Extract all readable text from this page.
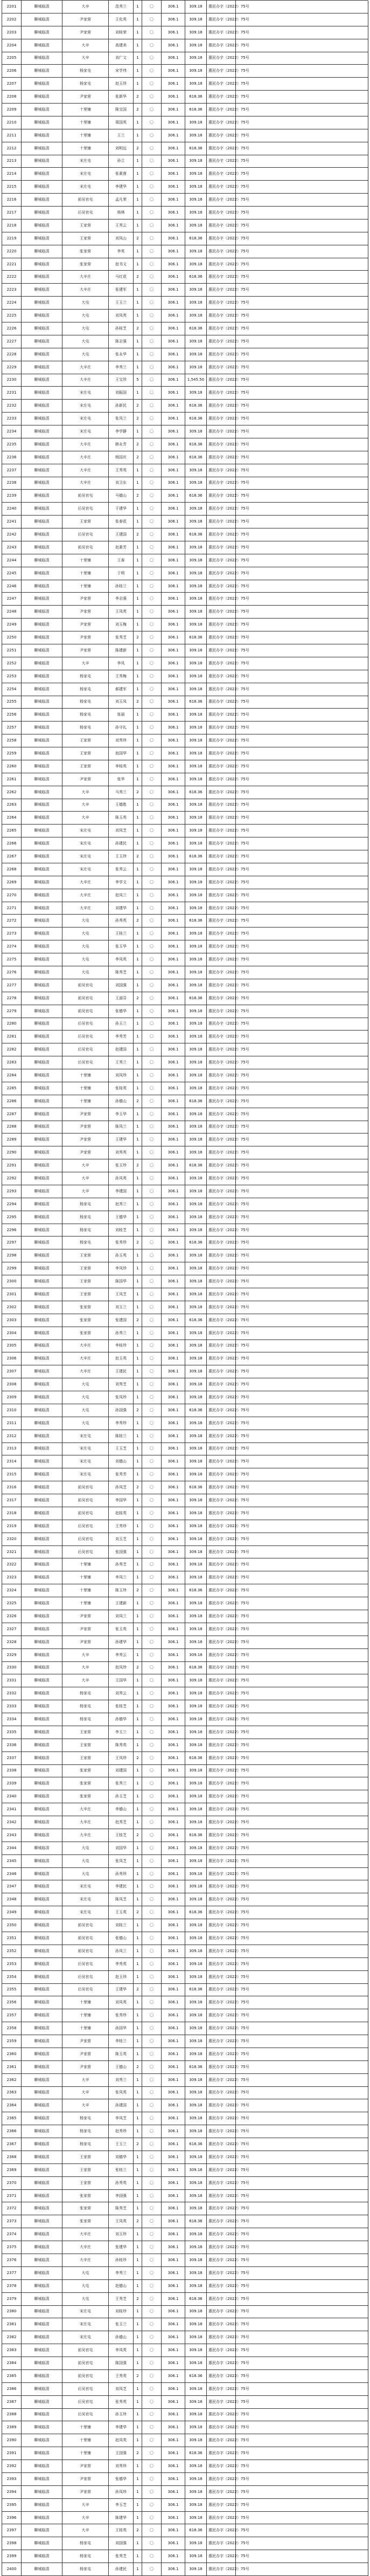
2201	聊城临清	大辛	范秀兰	1	〇	306.1	309.18	惠民办字（2022）75号
2202	聊城临清	尹家营	王化英	1	〇	306.1	309.18	惠民办字（2022）75号
2203	聊城临清	尹家营	刘桂荣	1	〇	306.1	309.18	惠民办字（2022）75号
2204	聊城临清	大辛	高建美	1	〇	306.1	309.18	惠民办字（2022）75号
2205	聊城临清	大辛	刘广文	1	〇	306.1	309.18	惠民办字（2022）75号
2206	聊城临清	杨家屯	宋学伟	1	〇	306.1	309.18	惠民办字（2022）75号
2207	聊城临清	杨家屯	赵玉珍	1	〇	306.1	309.18	惠民办字（2022）75号
2208	聊城临清	尹家营	张新华	2	〇	306.1	618.36	惠民办字（2022）75号
2209	聊城临清	十里铺	陈宝国	2	〇	306.1	618.36	惠民办字（2022）75号
2210	聊城临清	十里铺	周国英	1	〇	306.1	309.18	惠民办字（2022）75号
2211	聊城临清	十里铺	王兰	1	〇	306.1	309.18	惠民办字（2022）75号
2212	聊城临清	十里铺	刘明远	2	〇	306.1	618.36	惠民办字（2022）75号
2213	聊城临清	宋庄屯	孙立	1	〇	306.1	309.18	惠民办字（2022）75号
2214	聊城临清	宋庄屯	张素莲	1	〇	306.1	309.18	惠民办字（2022）75号
2215	聊城临清	宋庄屯	李建华	1	〇	306.1	309.18	惠民办字（2022）75号
2216	聊城临清	前吴官屯	孟凡荣	1	〇	306.1	309.18	惠民办字（2022）75号
2217	聊城临清	后吴官屯	杨林	1	〇	306.1	309.18	惠民办字（2022）75号
2218	聊城临清	王家营	王秀云	1	〇	306.1	309.18	惠民办字（2022）75号
2219	聊城临清	王家营	刘凤山	2	〇	306.1	618.36	惠民办字（2022）75号
2220	聊城临清	张家营	李英	1	〇	306.1	309.18	惠民办字（2022）75号
2221	聊城临清	张家营	赵书文	1	〇	306.1	309.18	惠民办字（2022）75号
2222	聊城临清	大辛庄	马红花	2	〇	306.1	618.36	惠民办字（2022）75号
2223	聊城临清	大辛庄	张建军	1	〇	306.1	309.18	惠民办字（2022）75号
2224	聊城临清	大屯	王玉兰	1	〇	306.1	309.18	惠民办字（2022）75号
2225	聊城临清	大屯	刘凤英	1	〇	306.1	309.18	惠民办字（2022）75号
2226	聊城临清	大屯	孙桂芝	2	〇	306.1	618.36	惠民办字（2022）75号
2227	聊城临清	大屯	陈志强	1	〇	306.1	309.18	惠民办字（2022）75号
2228	聊城临清	大屯	张永华	1	〇	306.1	309.18	惠民办字（2022）75号
2229	聊城临清	大辛庄	李秀兰	1	〇	306.1	309.18	惠民办字（2022）75号
2230	聊城临清	大辛庄	王宝珍	5	〇	306.1	1,545.50	惠民办字（2022）75号
2231	聊城临清	宋庄屯	刘振国	1	〇	306.1	309.18	惠民办字（2022）75号
2232	聊城临清	宋庄屯	孙新民	2	〇	306.1	618.36	惠民办字（2022）75号
2233	聊城临清	宋庄屯	张凤兰	2	〇	306.1	618.36	惠民办字（2022）75号
2234	聊城临清	宋庄屯	李学静	1	〇	306.1	309.18	惠民办字（2022）75号
2235	聊城临清	大辛庄	韩永芳	2	〇	306.1	618.36	惠民办字（2022）75号
2236	聊城临清	大辛庄	杨国庆	2	〇	306.1	618.36	惠民办字（2022）75号
2237	聊城临清	大辛庄	王秀英	1	〇	306.1	309.18	惠民办字（2022）75号
2238	聊城临清	大辛庄	刘卫东	1	〇	306.1	309.18	惠民办字（2022）75号
2239	聊城临清	前吴官屯	马德山	2	〇	306.1	618.36	惠民办字（2022）75号
2240	聊城临清	后吴官屯	于建华	1	〇	306.1	309.18	惠民办字（2022）75号
2241	聊城临清	王家营	张春花	1	〇	306.1	309.18	惠民办字（2022）75号
2242	聊城临清	后吴官屯	王建国	2	〇	306.1	618.36	惠民办字（2022）75号
2243	聊城临清	前吴官屯	赵素芳	1	〇	306.1	309.18	惠民办字（2022）75号
2244	聊城临清	十里铺	王春	1	〇	306.1	309.18	惠民办字（2022）75号
2245	聊城临清	十里铺	于明	1	〇	306.1	309.18	惠民办字（2022）75号
2246	聊城临清	十里铺	孙桂兰	1	〇	306.1	309.18	惠民办字（2022）75号
2247	聊城临清	尹家营	李志强	1	〇	306.1	309.18	惠民办字（2022）75号
2248	聊城临清	尹家营	王凤英	1	〇	306.1	309.18	惠民办字（2022）75号
2249	聊城临清	尹家营	刘玉梅	1	〇	306.1	309.18	惠民办字（2022）75号
2250	聊城临清	尹家营	张秀芝	2	〇	306.1	618.36	惠民办字（2022）75号
2251	聊城临清	尹家营	陈建新	1	〇	306.1	309.18	惠民办字（2022）75号
2252	聊城临清	大辛	李凤	1	〇	306.1	309.18	惠民办字（2022）75号
2253	聊城临清	杨家屯	王秀梅	1	〇	306.1	309.18	惠民办字（2022）75号
2254	聊城临清	杨家屯	郝建军	1	〇	306.1	309.18	惠民办字（2022）75号
2255	聊城临清	杨家屯	刘玉凤	2	〇	306.1	618.36	惠民办字（2022）75号
2256	聊城临清	杨家屯	张丽	1	〇	306.1	309.18	惠民办字（2022）75号
2257	聊城临清	杨家屯	孙守礼	1	〇	306.1	309.18	惠民办字（2022）75号
2258	聊城临清	王家营	刘秀珍	1	〇	306.1	309.18	惠民办字（2022）75号
2259	聊城临清	王家营	赵国华	1	〇	306.1	309.18	惠民办字（2022）75号
2260	聊城临清	王家营	李桂英	1	〇	306.1	309.18	惠民办字（2022）75号
2261	聊城临清	尹家营	张华	1	〇	306.1	309.18	惠民办字（2022）75号
2262	聊城临清	大辛	马秀兰	2	〇	306.1	618.36	惠民办字（2022）75号
2263	聊城临清	大辛	王德胜	1	〇	306.1	309.18	惠民办字（2022）75号
2264	聊城临清	大辛	陈玉英	1	〇	306.1	309.18	惠民办字（2022）75号
2265	聊城临清	宋庄屯	刘凤芝	1	〇	306.1	309.18	惠民办字（2022）75号
2266	聊城临清	宋庄屯	孙建民	1	〇	306.1	309.18	惠民办字（2022）75号
2267	聊城临清	宋庄屯	王玉珍	2	〇	306.1	618.36	惠民办字（2022）75号
2268	聊城临清	宋庄屯	张秀云	1	〇	306.1	309.18	惠民办字（2022）75号
2269	聊城临清	大辛庄	李学文	1	〇	306.1	309.18	惠民办字（2022）75号
2270	聊城临清	大辛庄	赵凤兰	1	〇	306.1	309.18	惠民办字（2022）75号
2271	聊城临清	大辛庄	刘建华	1	〇	306.1	309.18	惠民办字（2022）75号
2272	聊城临清	大屯	孙秀英	2	〇	306.1	618.36	惠民办字（2022）75号
2273	聊城临清	大屯	王桂兰	1	〇	306.1	309.18	惠民办字（2022）75号
2274	聊城临清	大屯	张玉华	1	〇	306.1	309.18	惠民办字（2022）75号
2275	聊城临清	大屯	李凤英	1	〇	306.1	309.18	惠民办字（2022）75号
2276	聊城临清	大屯	陈秀芝	1	〇	306.1	309.18	惠民办字（2022）75号
2277	聊城临清	前吴官屯	刘国强	1	〇	306.1	309.18	惠民办字（2022）75号
2278	聊城临清	前吴官屯	王淑芬	2	〇	306.1	618.36	惠民办字（2022）75号
2279	聊城临清	前吴官屯	张德华	1	〇	306.1	309.18	惠民办字（2022）75号
2280	聊城临清	后吴官屯	孙玉兰	1	〇	306.1	309.18	惠民办字（2022）75号
2281	聊城临清	后吴官屯	李秀芳	1	〇	306.1	309.18	惠民办字（2022）75号
2282	聊城临清	后吴官屯	赵建国	1	〇	306.1	309.18	惠民办字（2022）75号
2283	聊城临清	后吴官屯	王秀兰	1	〇	306.1	309.18	惠民办字（2022）75号
2284	聊城临清	十里铺	刘凤珍	1	〇	306.1	309.18	惠民办字（2022）75号
2285	聊城临清	十里铺	张桂英	1	〇	306.1	309.18	惠民办字（2022）75号
2286	聊城临清	十里铺	孙德山	2	〇	306.1	618.36	惠民办字（2022）75号
2287	聊城临清	尹家营	李玉华	1	〇	306.1	309.18	惠民办字（2022）75号
2288	聊城临清	尹家营	陈凤兰	1	〇	306.1	309.18	惠民办字（2022）75号
2289	聊城临清	尹家营	王建华	1	〇	306.1	309.18	惠民办字（2022）75号
2290	聊城临清	尹家营	刘秀英	1	〇	306.1	309.18	惠民办字（2022）75号
2291	聊城临清	大辛	张玉珍	2	〇	306.1	618.36	惠民办字（2022）75号
2292	聊城临清	大辛	孙凤英	1	〇	306.1	309.18	惠民办字（2022）75号
2293	聊城临清	大辛	李建国	1	〇	306.1	309.18	惠民办字（2022）75号
2294	聊城临清	杨家屯	赵秀兰	1	〇	306.1	309.18	惠民办字（2022）75号
2295	聊城临清	杨家屯	王德华	1	〇	306.1	309.18	惠民办字（2022）75号
2296	聊城临清	杨家屯	刘桂芝	1	〇	306.1	309.18	惠民办字（2022）75号
2297	聊城临清	杨家屯	张秀珍	2	〇	306.1	618.36	惠民办字（2022）75号
2298	聊城临清	王家营	孙玉英	1	〇	306.1	309.18	惠民办字（2022）75号
2299	聊城临清	王家营	李凤珍	1	〇	306.1	309.18	惠民办字（2022）75号
2300	聊城临清	王家营	陈国华	1	〇	306.1	309.18	惠民办字（2022）75号
2301	聊城临清	王家营	王凤芝	1	〇	306.1	309.18	惠民办字（2022）75号
2302	聊城临清	张家营	刘玉兰	1	〇	306.1	309.18	惠民办字（2022）75号
2303	聊城临清	张家营	张建国	2	〇	306.1	618.36	惠民办字（2022）75号
2304	聊城临清	张家营	孙秀兰	1	〇	306.1	309.18	惠民办字（2022）75号
2305	聊城临清	大辛庄	李桂珍	1	〇	306.1	309.18	惠民办字（2022）75号
2306	聊城临清	大辛庄	赵玉英	1	〇	306.1	309.18	惠民办字（2022）75号
2307	聊城临清	大辛庄	王建民	1	〇	306.1	309.18	惠民办字（2022）75号
2308	聊城临清	大屯	刘秀芝	1	〇	306.1	309.18	惠民办字（2022）75号
2309	聊城临清	大屯	张凤珍	1	〇	306.1	309.18	惠民办字（2022）75号
2310	聊城临清	大屯	孙国强	2	〇	306.1	618.36	惠民办字（2022）75号
2311	聊城临清	大屯	李秀珍	1	〇	306.1	309.18	惠民办字（2022）75号
2312	聊城临清	宋庄屯	陈桂兰	1	〇	306.1	309.18	惠民办字（2022）75号
2313	聊城临清	宋庄屯	王玉芝	1	〇	306.1	309.18	惠民办字（2022）75号
2314	聊城临清	宋庄屯	刘德山	1	〇	306.1	309.18	惠民办字（2022）75号
2315	聊城临清	宋庄屯	张秀芳	1	〇	306.1	309.18	惠民办字（2022）75号
2316	聊城临清	前吴官屯	孙凤芝	2	〇	306.1	618.36	惠民办字（2022）75号
2317	聊城临清	前吴官屯	李国华	1	〇	306.1	309.18	惠民办字（2022）75号
2318	聊城临清	前吴官屯	赵桂英	1	〇	306.1	309.18	惠民办字（2022）75号
2319	聊城临清	后吴官屯	王秀珍	1	〇	306.1	309.18	惠民办字（2022）75号
2320	聊城临清	后吴官屯	刘玉芝	1	〇	306.1	309.18	惠民办字（2022）75号
2321	聊城临清	后吴官屯	张国强	1	〇	306.1	309.18	惠民办字（2022）75号
2322	聊城临清	十里铺	孙秀芝	1	〇	306.1	309.18	惠民办字（2022）75号
2323	聊城临清	十里铺	李凤兰	1	〇	306.1	309.18	惠民办字（2022）75号
2324	聊城临清	十里铺	陈玉珍	2	〇	306.1	618.36	惠民办字（2022）75号
2325	聊城临清	十里铺	王建新	1	〇	306.1	309.18	惠民办字（2022）75号
2326	聊城临清	尹家营	刘凤兰	1	〇	306.1	309.18	惠民办字（2022）75号
2327	聊城临清	尹家营	张玉英	1	〇	306.1	309.18	惠民办字（2022）75号
2328	聊城临清	尹家营	孙建华	1	〇	306.1	309.18	惠民办字（2022）75号
2329	聊城临清	大辛	李秀云	1	〇	306.1	309.18	惠民办字（2022）75号
2330	聊城临清	大辛	赵凤珍	2	〇	306.1	618.36	惠民办字（2022）75号
2331	聊城临清	大辛	王国华	1	〇	306.1	309.18	惠民办字（2022）75号
2332	聊城临清	杨家屯	刘秀云	1	〇	306.1	309.18	惠民办字（2022）75号
2333	聊城临清	杨家屯	张桂芝	1	〇	306.1	309.18	惠民办字（2022）75号
2334	聊城临清	杨家屯	孙德华	1	〇	306.1	309.18	惠民办字（2022）75号
2335	聊城临清	王家营	李玉兰	1	〇	306.1	309.18	惠民办字（2022）75号
2336	聊城临清	王家营	陈秀英	1	〇	306.1	309.18	惠民办字（2022）75号
2337	聊城临清	王家营	王凤珍	2	〇	306.1	618.36	惠民办字（2022）75号
2338	聊城临清	张家营	刘建国	1	〇	306.1	309.18	惠民办字（2022）75号
2339	聊城临清	张家营	张秀兰	1	〇	306.1	309.18	惠民办字（2022）75号
2340	聊城临清	张家营	孙玉芝	1	〇	306.1	309.18	惠民办字（2022）75号
2341	聊城临清	大辛庄	李德山	1	〇	306.1	309.18	惠民办字（2022）75号
2342	聊城临清	大辛庄	赵秀芝	1	〇	306.1	309.18	惠民办字（2022）75号
2343	聊城临清	大辛庄	王桂芝	2	〇	306.1	618.36	惠民办字（2022）75号
2344	聊城临清	大屯	刘国华	1	〇	306.1	309.18	惠民办字（2022）75号
2345	聊城临清	大屯	张凤芝	1	〇	306.1	309.18	惠民办字（2022）75号
2346	聊城临清	大屯	孙秀珍	1	〇	306.1	309.18	惠民办字（2022）75号
2347	聊城临清	宋庄屯	李建民	1	〇	306.1	309.18	惠民办字（2022）75号
2348	聊城临清	宋庄屯	陈凤芝	1	〇	306.1	309.18	惠民办字（2022）75号
2349	聊城临清	宋庄屯	王玉英	2	〇	306.1	618.36	惠民办字（2022）75号
2350	聊城临清	前吴官屯	刘桂兰	1	〇	306.1	309.18	惠民办字（2022）75号
2351	聊城临清	前吴官屯	张德山	1	〇	306.1	309.18	惠民办字（2022）75号
2352	聊城临清	前吴官屯	孙凤兰	1	〇	306.1	309.18	惠民办字（2022）75号
2353	聊城临清	后吴官屯	李秀英	1	〇	306.1	309.18	惠民办字（2022）75号
2354	聊城临清	后吴官屯	赵玉珍	1	〇	306.1	309.18	惠民办字（2022）75号
2355	聊城临清	后吴官屯	王建华	2	〇	306.1	618.36	惠民办字（2022）75号
2356	聊城临清	十里铺	刘凤英	1	〇	306.1	309.18	惠民办字（2022）75号
2357	聊城临清	十里铺	张秀珍	1	〇	306.1	309.18	惠民办字（2022）75号
2358	聊城临清	十里铺	孙国华	1	〇	306.1	309.18	惠民办字（2022）75号
2359	聊城临清	尹家营	李桂兰	1	〇	306.1	309.18	惠民办字（2022）75号
2360	聊城临清	尹家营	陈玉英	1	〇	306.1	309.18	惠民办字（2022）75号
2361	聊城临清	尹家营	王德山	2	〇	306.1	618.36	惠民办字（2022）75号
2362	聊城临清	大辛	刘秀兰	1	〇	306.1	309.18	惠民办字（2022）75号
2363	聊城临清	大辛	张凤英	1	〇	306.1	309.18	惠民办字（2022）75号
2364	聊城临清	大辛	孙建国	1	〇	306.1	309.18	惠民办字（2022）75号
2365	聊城临清	杨家屯	李凤芝	1	〇	306.1	309.18	惠民办字（2022）75号
2366	聊城临清	杨家屯	赵秀珍	1	〇	306.1	309.18	惠民办字（2022）75号
2367	聊城临清	杨家屯	王玉兰	2	〇	306.1	618.36	惠民办字（2022）75号
2368	聊城临清	王家营	刘德华	1	〇	306.1	309.18	惠民办字（2022）75号
2369	聊城临清	王家营	张桂兰	1	〇	306.1	309.18	惠民办字（2022）75号
2370	聊城临清	王家营	孙秀英	1	〇	306.1	309.18	惠民办字（2022）75号
2371	聊城临清	张家营	李国强	1	〇	306.1	309.18	惠民办字（2022）75号
2372	聊城临清	张家营	陈秀芝	1	〇	306.1	309.18	惠民办字（2022）75号
2373	聊城临清	张家营	王凤英	2	〇	306.1	618.36	惠民办字（2022）75号
2374	聊城临清	大辛庄	刘玉珍	1	〇	306.1	309.18	惠民办字（2022）75号
2375	聊城临清	大辛庄	张建华	1	〇	306.1	309.18	惠民办字（2022）75号
2376	聊城临清	大辛庄	孙桂珍	1	〇	306.1	309.18	惠民办字（2022）75号
2377	聊城临清	大屯	李秀兰	1	〇	306.1	309.18	惠民办字（2022）75号
2378	聊城临清	大屯	赵德山	1	〇	306.1	309.18	惠民办字（2022）75号
2379	聊城临清	大屯	王秀芝	2	〇	306.1	618.36	惠民办字（2022）75号
2380	聊城临清	宋庄屯	刘桂珍	1	〇	306.1	309.18	惠民办字（2022）75号
2381	聊城临清	宋庄屯	张玉兰	1	〇	306.1	309.18	惠民办字（2022）75号
2382	聊城临清	宋庄屯	孙德山	1	〇	306.1	309.18	惠民办字（2022）75号
2383	聊城临清	前吴官屯	李凤英	1	〇	306.1	309.18	惠民办字（2022）75号
2384	聊城临清	前吴官屯	陈国强	1	〇	306.1	309.18	惠民办字（2022）75号
2385	聊城临清	前吴官屯	王秀英	2	〇	306.1	618.36	惠民办字（2022）75号
2386	聊城临清	后吴官屯	刘凤芝	1	〇	306.1	309.18	惠民办字（2022）75号
2387	聊城临清	后吴官屯	张秀英	1	〇	306.1	309.18	惠民办字（2022）75号
2388	聊城临清	后吴官屯	孙玉珍	1	〇	306.1	309.18	惠民办字（2022）75号
2389	聊城临清	十里铺	李建华	1	〇	306.1	309.18	惠民办字（2022）75号
2390	聊城临清	十里铺	赵凤英	1	〇	306.1	309.18	惠民办字（2022）75号
2391	聊城临清	十里铺	王国强	2	〇	306.1	618.36	惠民办字（2022）75号
2392	聊城临清	尹家营	刘秀珍	1	〇	306.1	309.18	惠民办字（2022）75号
2393	聊城临清	尹家营	张德华	1	〇	306.1	309.18	惠民办字（2022）75号
2394	聊城临清	尹家营	孙凤珍	1	〇	306.1	309.18	惠民办字（2022）75号
2395	聊城临清	大辛	李玉芝	1	〇	306.1	309.18	惠民办字（2022）75号
2396	聊城临清	大辛	陈建华	1	〇	306.1	309.18	惠民办字（2022）75号
2397	聊城临清	大辛	王桂英	2	〇	306.1	618.36	惠民办字（2022）75号
2398	聊城临清	杨家屯	刘国强	1	〇	306.1	309.18	惠民办字（2022）75号
2399	聊城临清	杨家屯	张秀芝	1	〇	306.1	309.18	惠民办字（2022）75号
2400	聊城临清	杨家屯	孙建民	1	〇	306.1	309.18	惠民办字（2022）75号
